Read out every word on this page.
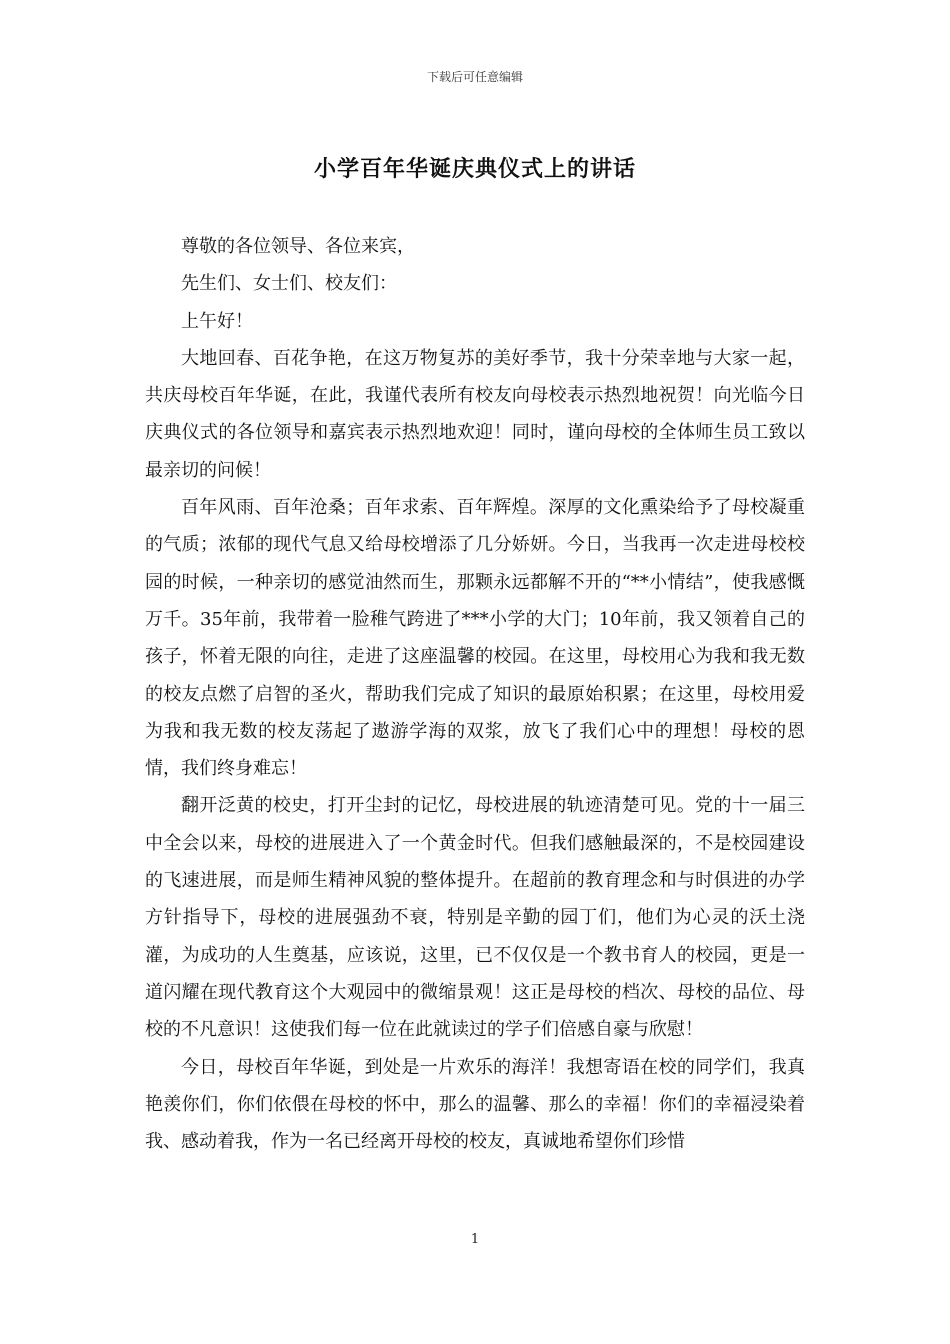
下载后可任意编辑
小学百年华诞庆典仪式上的讲话

尊敬的各位领导、各位来宾，

先生们、女士们、校友们：

上午好！

大地回春、百花争艳，在这万物复苏的美好季节，我十分荣幸地与大家一起，共庆母校百年华诞，在此，我谨代表所有校友向母校表示热烈地祝贺！向光临今日庆典仪式的各位领导和嘉宾表示热烈地欢迎！同时，谨向母校的全体师生员工致以最亲切的问候！

百年风雨、百年沧桑；百年求索、百年辉煌。深厚的文化熏染给予了母校凝重的气质；浓郁的现代气息又给母校增添了几分娇妍。今日，当我再一次走进母校校园的时候，一种亲切的感觉油然而生，那颗永远都解不开的“**小情结”，使我感慨万千。35年前，我带着一脸稚气跨进了***小学的大门；10年前，我又领着自己的孩子，怀着无限的向往，走进了这座温馨的校园。在这里，母校用心为我和我无数的校友点燃了启智的圣火，帮助我们完成了知识的最原始积累；在这里，母校用爱为我和我无数的校友荡起了遨游学海的双浆，放飞了我们心中的理想！母校的恩情，我们终身难忘！

翻开泛黄的校史，打开尘封的记忆，母校进展的轨迹清楚可见。党的十一届三中全会以来，母校的进展进入了一个黄金时代。但我们感触最深的，不是校园建设的飞速进展，而是师生精神风貌的整体提升。在超前的教育理念和与时俱进的办学方针指导下，母校的进展强劲不衰，特别是辛勤的园丁们，他们为心灵的沃土浇灌，为成功的人生奠基，应该说，这里，已不仅仅是一个教书育人的校园，更是一道闪耀在现代教育这个大观园中的微缩景观！这正是母校的档次、母校的品位、母校的不凡意识！这使我们每一位在此就读过的学子们倍感自豪与欣慰！

今日，母校百年华诞，到处是一片欢乐的海洋！我想寄语在校的同学们，我真艳羡你们，你们依偎在母校的怀中，那么的温馨、那么的幸福！你们的幸福浸染着我、感动着我，作为一名已经离开母校的校友，真诚地希望你们珍惜

1
